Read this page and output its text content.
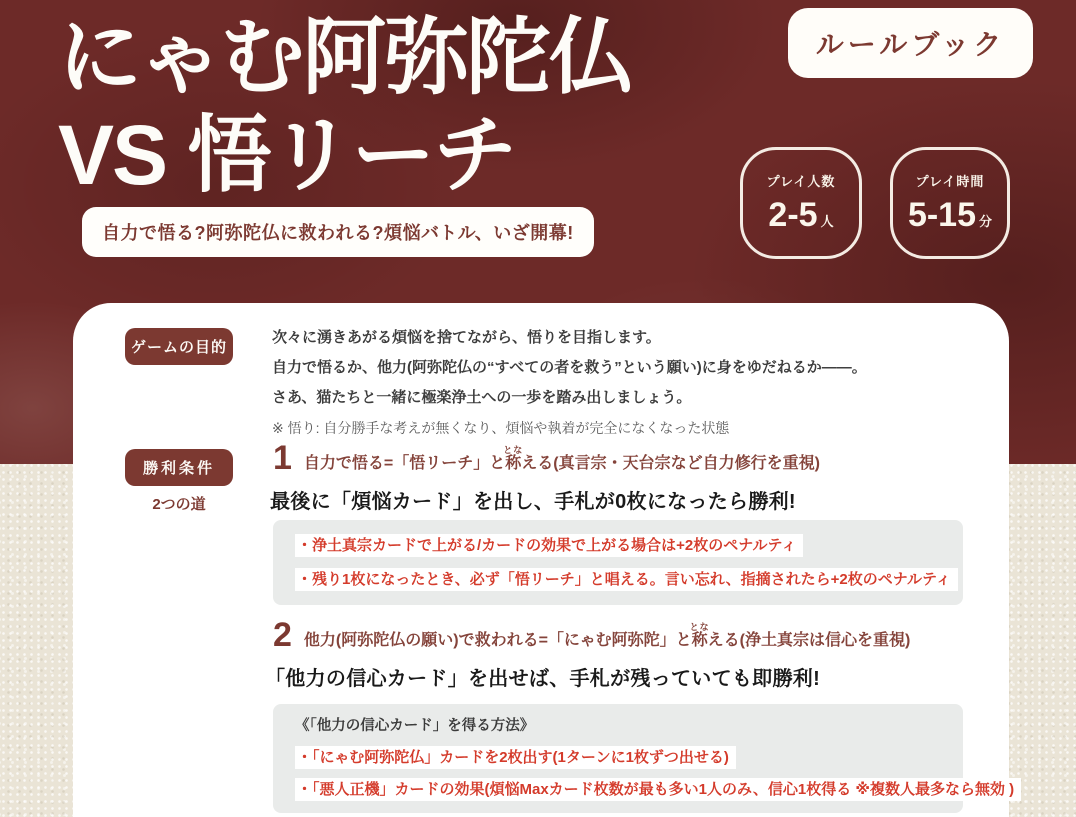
にゃむ阿弥陀仏
VS 悟リーチ
自力で悟る?阿弥陀仏に救われる?煩悩バトル、いざ開幕!
ルールブック
プレイ人数
2-5 人
プレイ時間
5-15 分
ゲームの目的
次々に湧きあがる煩悩を捨てながら、悟りを目指します。
自力で悟るか、他力(阿弥陀仏の“すべての者を救う”という願い)に身をゆだねるか――。
さあ、猫たちと一緒に極楽浄土への一歩を踏み出しましょう。
※ 悟り: 自分勝手な考えが無くなり、煩悩や執着が完全になくなった状態
勝利条件
2つの道
1 自力で悟る=「悟リーチ」と称となえる(真言宗・天台宗など自力修行を重視)
最後に「煩悩カード」を出し、手札が0枚になったら勝利!
・浄土真宗カードで上がる/カードの効果で上がる場合は+2枚のペナルティ
・残り1枚になったとき、必ず「悟リーチ」と唱える。言い忘れ、指摘されたら+2枚のペナルティ
2 他力(阿弥陀仏の願い)で救われる=「にゃむ阿弥陀」と称となえる(浄土真宗は信心を重視)
「他力の信心カード」を出せば、手札が残っていても即勝利!
《「他力の信心カード」を得る方法》
・「にゃむ阿弥陀仏」カードを2枚出す(1ターンに1枚ずつ出せる)
・「悪人正機」カードの効果(煩悩Maxカード枚数が最も多い1人のみ、信心1枚得る ※複数人最多なら無効 )
